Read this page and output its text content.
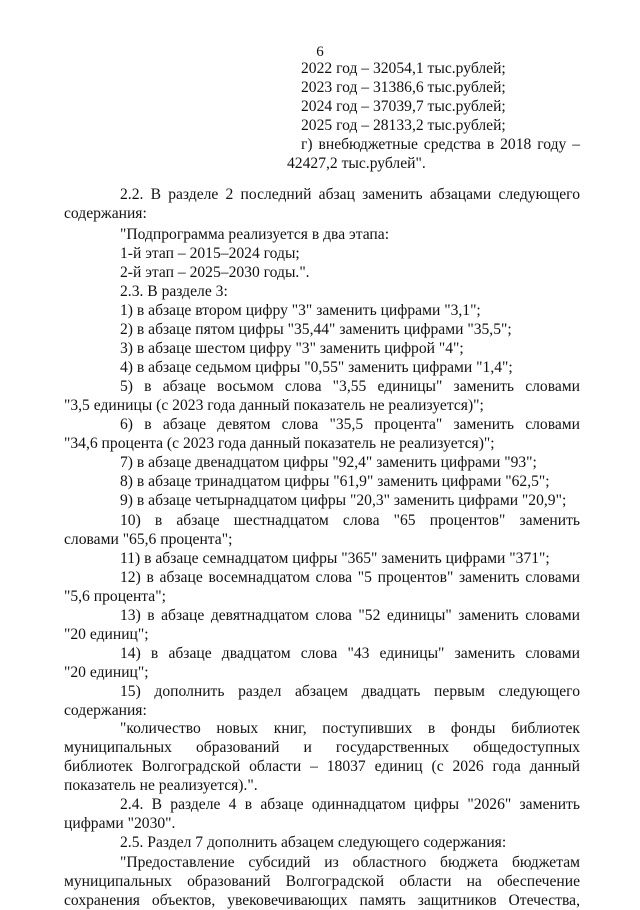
6
2022 год – 32054,1 тыс.рублей;
2023 год – 31386,6 тыс.рублей;
2024 год – 37039,7 тыс.рублей;
2025 год – 28133,2 тыс.рублей;
г) внебюджетные средства в 2018 году –
42427,2 тыс.рублей".
2.2. В разделе 2 последний абзац заменить абзацами следующего
содержания:
"Подпрограмма реализуется в два этапа:
1-й этап – 2015–2024 годы;
2-й этап – 2025–2030 годы.".
2.3. В разделе 3:
1) в абзаце втором цифру "3" заменить цифрами "3,1";
2) в абзаце пятом цифры "35,44" заменить цифрами "35,5";
3) в абзаце шестом цифру "3" заменить цифрой "4";
4) в абзаце седьмом цифры "0,55" заменить цифрами "1,4";
5) в абзаце восьмом слова "3,55 единицы" заменить словами
"3,5 единицы (с 2023 года данный показатель не реализуется)";
6) в абзаце девятом слова "35,5 процента" заменить словами
"34,6 процента (с 2023 года данный показатель не реализуется)";
7) в абзаце двенадцатом цифры "92,4" заменить цифрами "93";
8) в абзаце тринадцатом цифры "61,9" заменить цифрами "62,5";
9) в абзаце четырнадцатом цифры "20,3" заменить цифрами "20,9";
10) в абзаце шестнадцатом слова "65 процентов" заменить
словами "65,6 процента";
11) в абзаце семнадцатом цифры "365" заменить цифрами "371";
12) в абзаце восемнадцатом слова "5 процентов" заменить словами
"5,6 процента";
13) в абзаце девятнадцатом слова "52 единицы" заменить словами
"20 единиц";
14) в абзаце двадцатом слова "43 единицы" заменить словами
"20 единиц";
15) дополнить раздел абзацем двадцать первым следующего
содержания:
"количество новых книг, поступивших в фонды библиотек
муниципальных образований и государственных общедоступных
библиотек Волгоградской области – 18037 единиц (с 2026 года данный
показатель не реализуется).".
2.4. В разделе 4 в абзаце одиннадцатом цифры "2026" заменить
цифрами "2030".
2.5. Раздел 7 дополнить абзацем следующего содержания:
"Предоставление субсидий из областного бюджета бюджетам
муниципальных образований Волгоградской области на обеспечение
сохранения объектов, увековечивающих память защитников Отечества,
